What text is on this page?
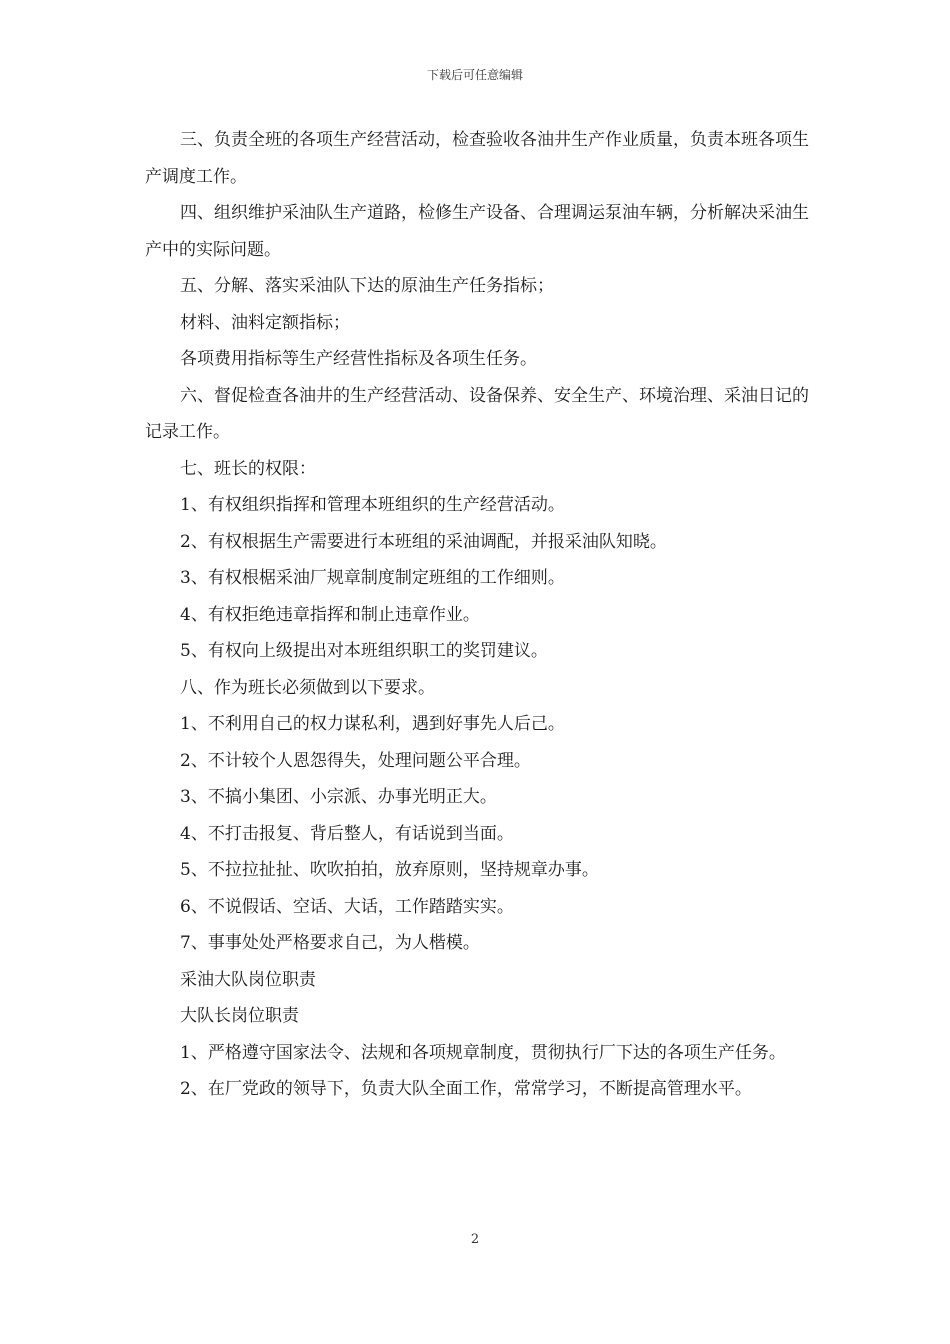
下载后可任意编辑

三、负责全班的各项生产经营活动，检查验收各油井生产作业质量，负责本班各项生产调度工作。

四、组织维护采油队生产道路，检修生产设备、合理调运泵油车辆，分析解决采油生产中的实际问题。

五、分解、落实采油队下达的原油生产任务指标；

材料、油料定额指标；

各项费用指标等生产经营性指标及各项生任务。

六、督促检查各油井的生产经营活动、设备保养、安全生产、环境治理、采油日记的记录工作。

七、班长的权限：

1、有权组织指挥和管理本班组织的生产经营活动。

2、有权根据生产需要进行本班组的采油调配，并报采油队知晓。

3、有权根椐采油厂规章制度制定班组的工作细则。

4、有权拒绝违章指挥和制止违章作业。

5、有权向上级提出对本班组织职工的奖罚建议。

八、作为班长必须做到以下要求。

1、不利用自己的权力谋私利，遇到好事先人后己。

2、不计较个人恩怨得失，处理问题公平合理。

3、不搞小集团、小宗派、办事光明正大。

4、不打击报复、背后整人，有话说到当面。

5、不拉拉扯扯、吹吹拍拍，放弃原则，坚持规章办事。

6、不说假话、空话、大话，工作踏踏实实。

7、事事处处严格要求自己，为人楷模。

采油大队岗位职责

大队长岗位职责

1、严格遵守国家法令、法规和各项规章制度，贯彻执行厂下达的各项生产任务。

2、在厂党政的领导下，负责大队全面工作，常常学习，不断提高管理水平。

2
